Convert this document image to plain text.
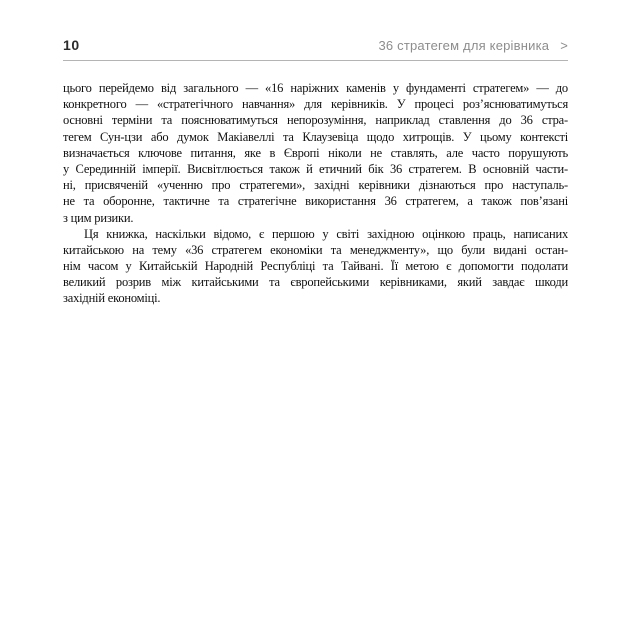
10	36 стратегем для керівника >
цього перейдемо від загального — «16 наріжних каменів у фундаменті стратегем» — до
конкретного — «стратегічного навчання» для керівників. У процесі роз’яснюватимуться
основні терміни та пояснюватимуться непорозуміння, наприклад ставлення до 36 стра-
тегем Сун-цзи або думок Макіавеллі та Клаузевіца щодо хитрощів. У цьому контексті
визначається ключове питання, яке в Європі ніколи не ставлять, але часто порушують
у Серединній імперії. Висвітлюється також й етичний бік 36 стратегем. В основній части-
ні, присвяченій «ученню про стратегеми», західні керівники дізнаються про наступаль-
не та оборонне, тактичне та стратегічне використання 36 стратегем, а також пов’язані
з цим ризики.
Ця книжка, наскільки відомо, є першою у світі західною оцінкою праць, написаних
китайською на тему «36 стратегем економіки та менеджменту», що були видані остан-
нім часом у Китайській Народній Республіці та Тайвані. Її метою є допомогти подолати
великий розрив між китайськими та європейськими керівниками, який завдає шкоди
західній економіці.
